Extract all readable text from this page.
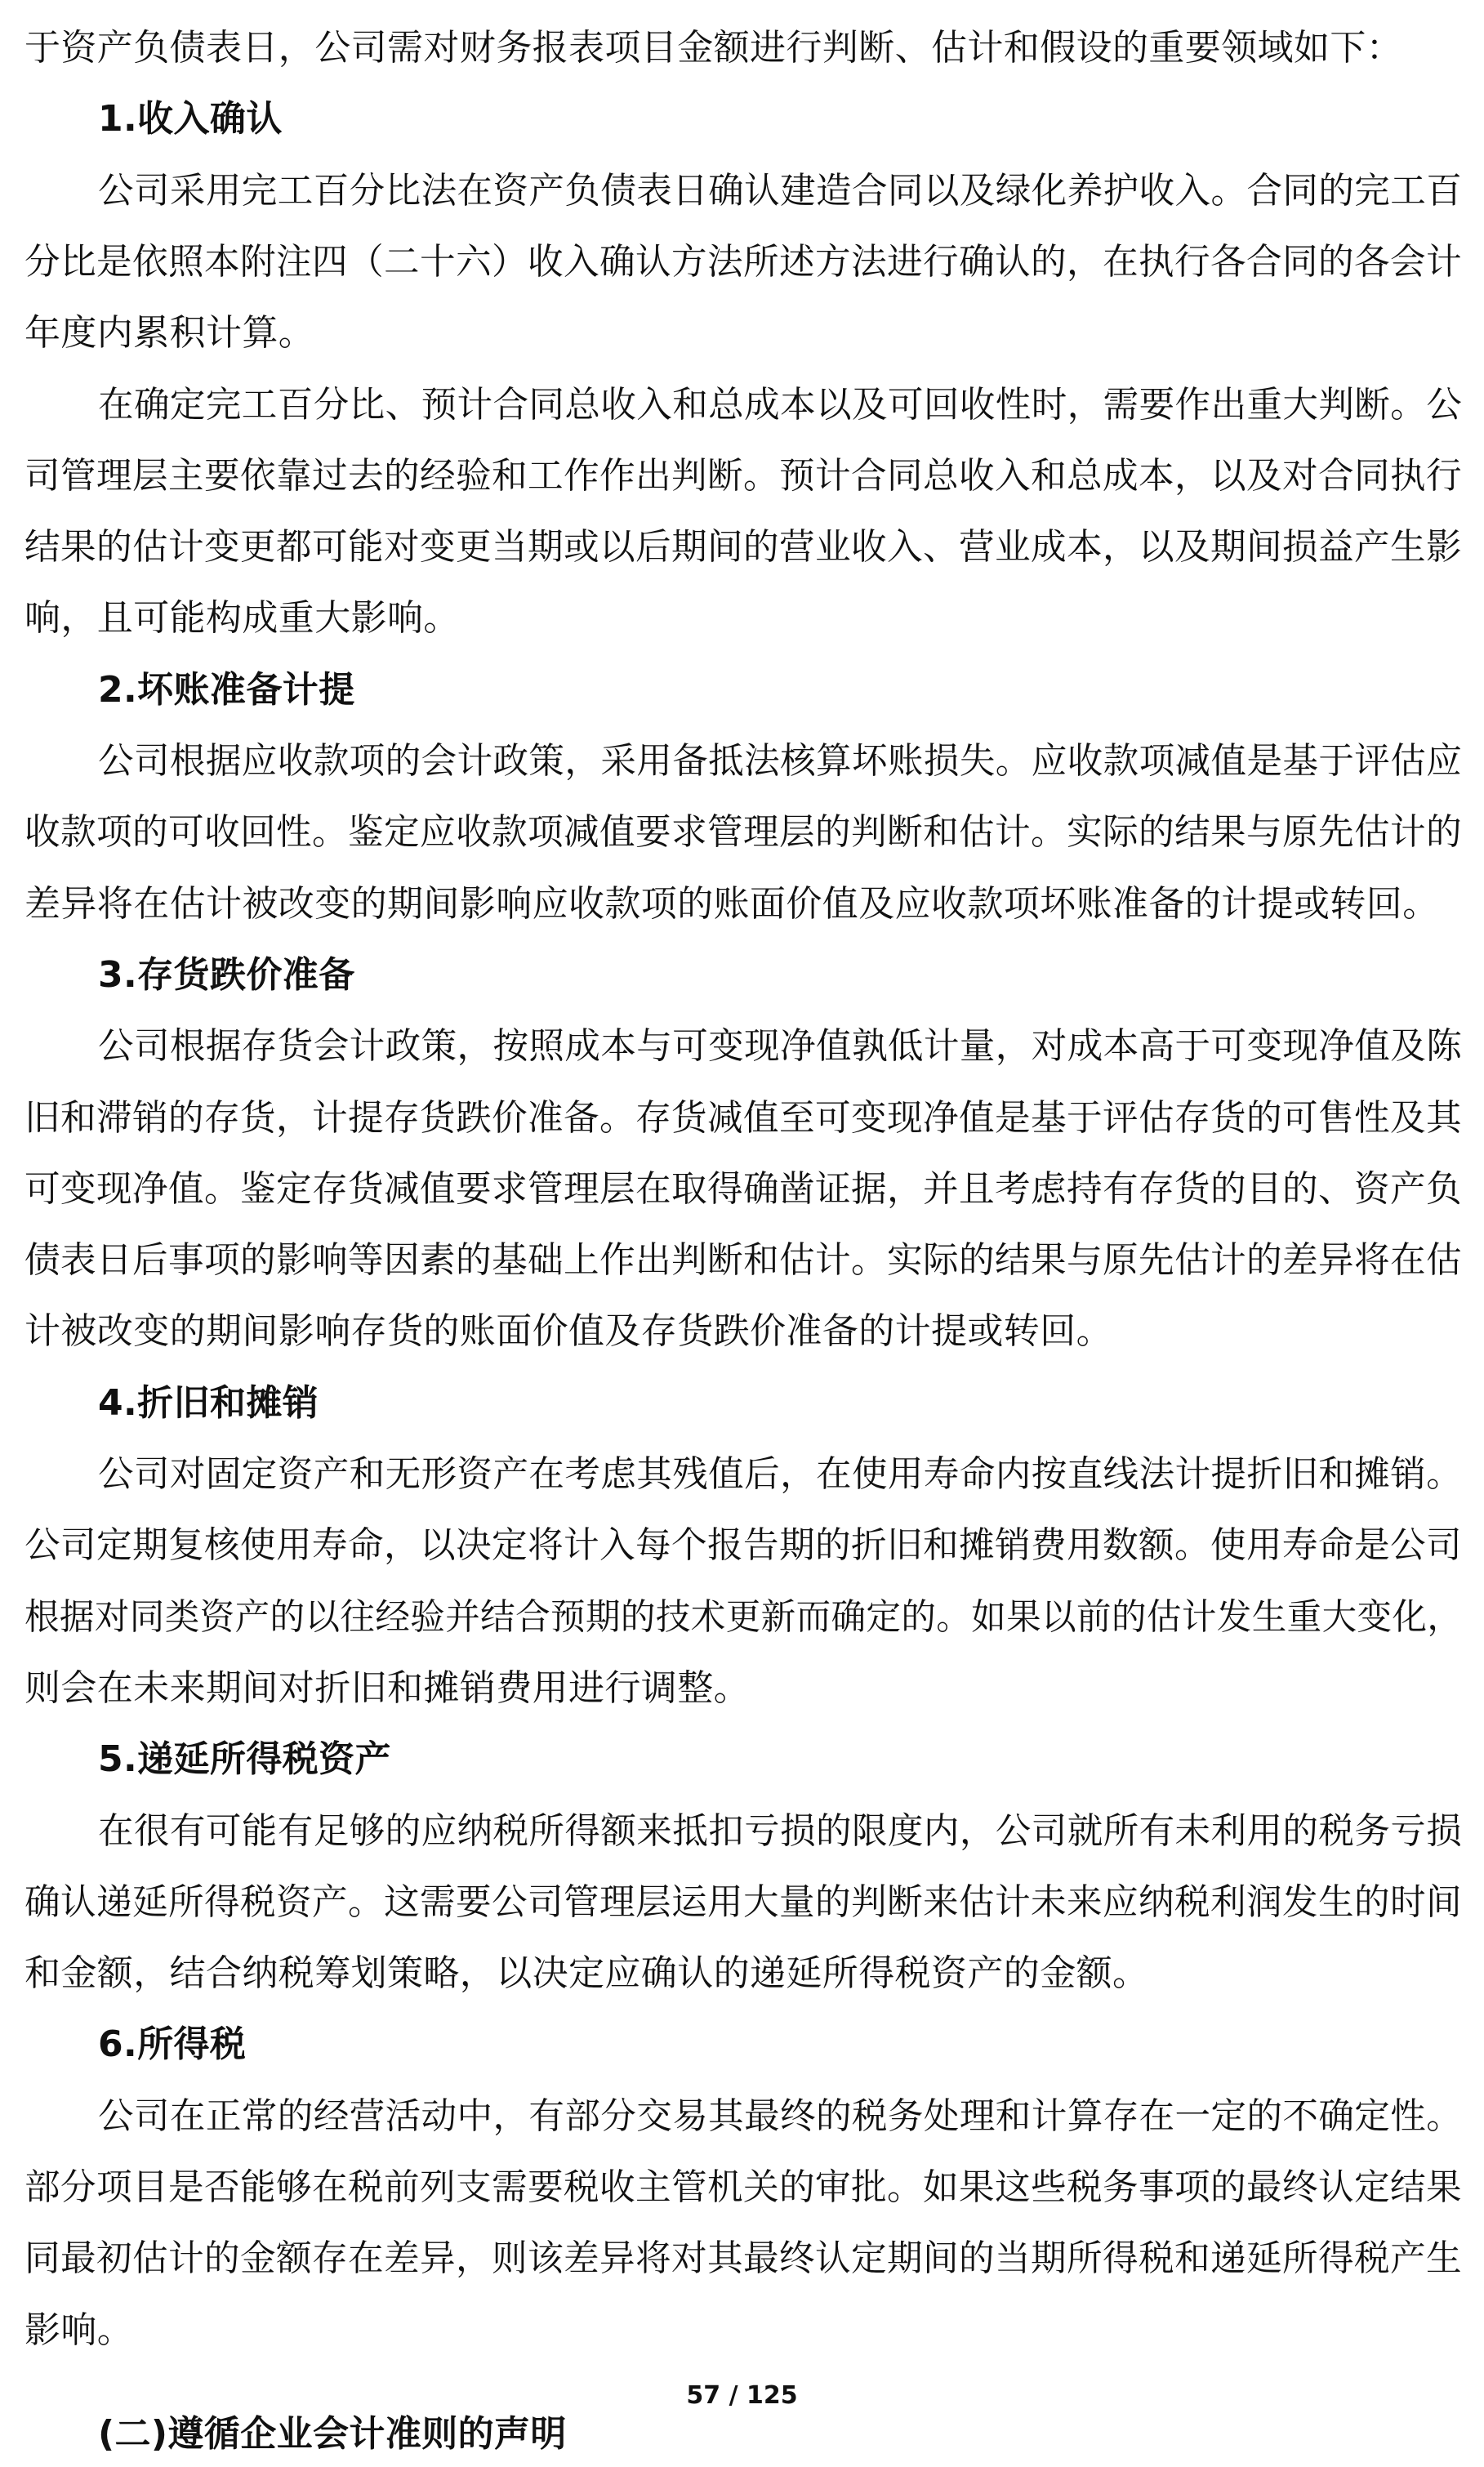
于资产负债表日，公司需对财务报表项目金额进行判断、估计和假设的重要领域如下：
1.收入确认
公司采用完工百分比法在资产负债表日确认建造合同以及绿化养护收入。合同的完工百
分比是依照本附注四（二十六）收入确认方法所述方法进行确认的，在执行各合同的各会计
年度内累积计算。
在确定完工百分比、预计合同总收入和总成本以及可回收性时，需要作出重大判断。公
司管理层主要依靠过去的经验和工作作出判断。预计合同总收入和总成本，以及对合同执行
结果的估计变更都可能对变更当期或以后期间的营业收入、营业成本，以及期间损益产生影
响，且可能构成重大影响。
2.坏账准备计提
公司根据应收款项的会计政策，采用备抵法核算坏账损失。应收款项减值是基于评估应
收款项的可收回性。鉴定应收款项减值要求管理层的判断和估计。实际的结果与原先估计的
差异将在估计被改变的期间影响应收款项的账面价值及应收款项坏账准备的计提或转回。
3.存货跌价准备
公司根据存货会计政策，按照成本与可变现净值孰低计量，对成本高于可变现净值及陈
旧和滞销的存货，计提存货跌价准备。存货减值至可变现净值是基于评估存货的可售性及其
可变现净值。鉴定存货减值要求管理层在取得确凿证据，并且考虑持有存货的目的、资产负
债表日后事项的影响等因素的基础上作出判断和估计。实际的结果与原先估计的差异将在估
计被改变的期间影响存货的账面价值及存货跌价准备的计提或转回。
4.折旧和摊销
公司对固定资产和无形资产在考虑其残值后，在使用寿命内按直线法计提折旧和摊销。
公司定期复核使用寿命，以决定将计入每个报告期的折旧和摊销费用数额。使用寿命是公司
根据对同类资产的以往经验并结合预期的技术更新而确定的。如果以前的估计发生重大变化，
则会在未来期间对折旧和摊销费用进行调整。
5.递延所得税资产
在很有可能有足够的应纳税所得额来抵扣亏损的限度内，公司就所有未利用的税务亏损
确认递延所得税资产。这需要公司管理层运用大量的判断来估计未来应纳税利润发生的时间
和金额，结合纳税筹划策略，以决定应确认的递延所得税资产的金额。
6.所得税
公司在正常的经营活动中，有部分交易其最终的税务处理和计算存在一定的不确定性。
部分项目是否能够在税前列支需要税收主管机关的审批。如果这些税务事项的最终认定结果
同最初估计的金额存在差异，则该差异将对其最终认定期间的当期所得税和递延所得税产生
影响。
(二)遵循企业会计准则的声明
57 / 125
